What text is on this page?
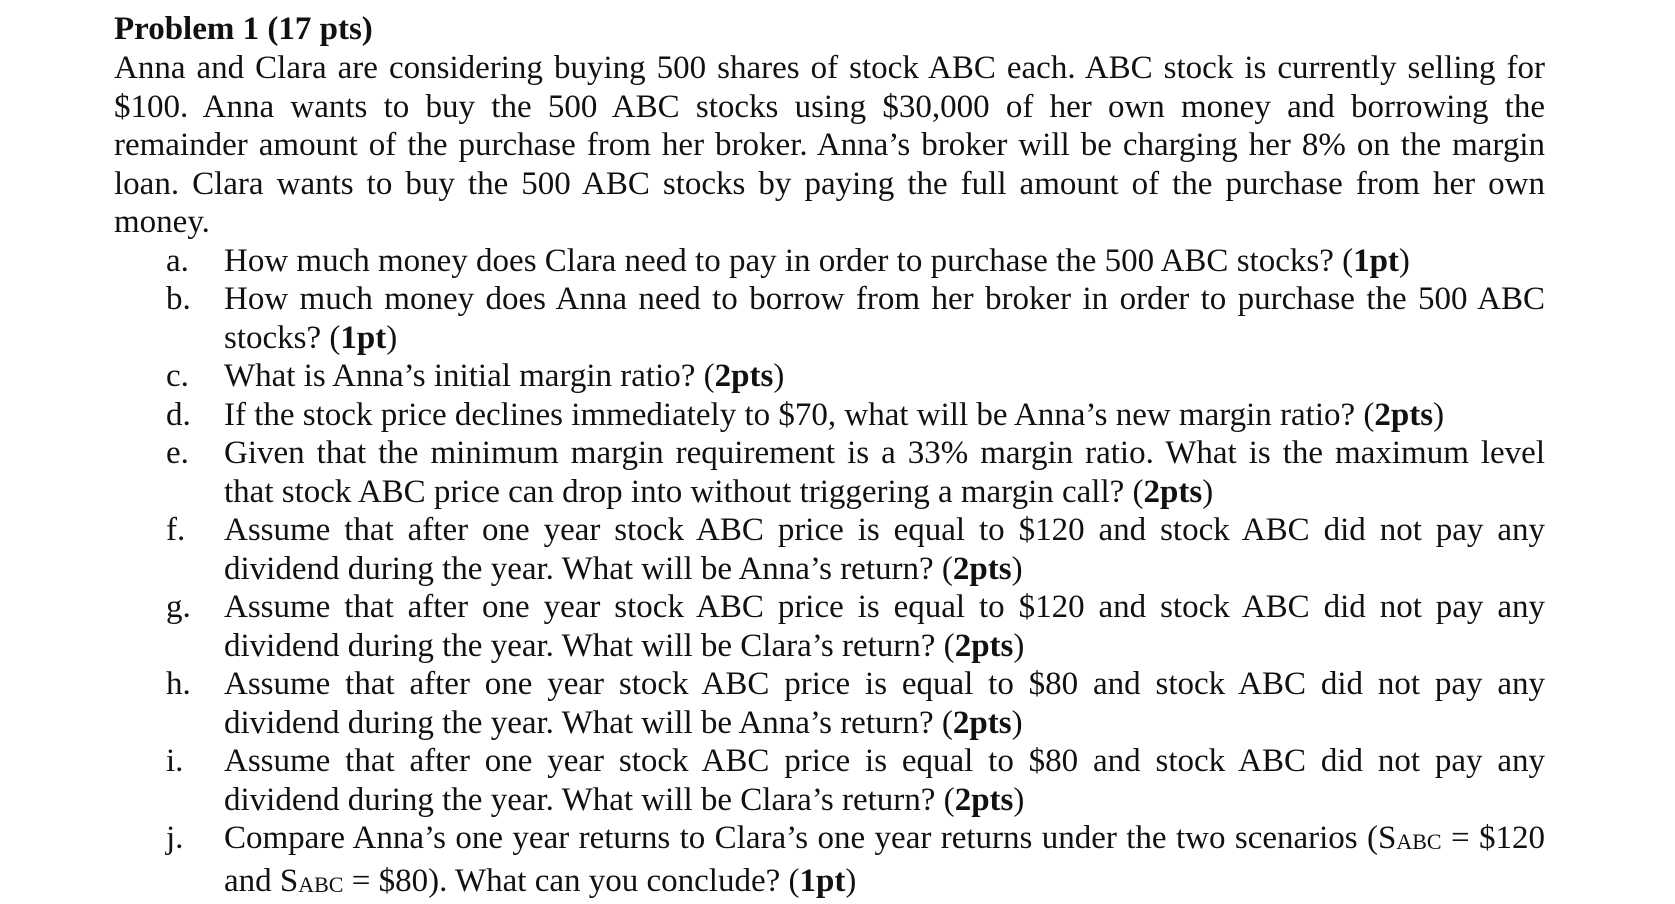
Problem 1 (17 pts)

Anna and Clara are considering buying 500 shares of stock ABC each. ABC stock is currently selling for $100. Anna wants to buy the 500 ABC stocks using $30,000 of her own money and borrowing the remainder amount of the purchase from her broker. Anna’s broker will be charging her 8% on the margin loan. Clara wants to buy the 500 ABC stocks by paying the full amount of the purchase from her own money.

a.	How much money does Clara need to pay in order to purchase the 500 ABC stocks? (1pt)
b.	How much money does Anna need to borrow from her broker in order to purchase the 500 ABC stocks? (1pt)
c.	What is Anna’s initial margin ratio? (2pts)
d.	If the stock price declines immediately to $70, what will be Anna’s new margin ratio? (2pts)
e.	Given that the minimum margin requirement is a 33% margin ratio. What is the maximum level that stock ABC price can drop into without triggering a margin call? (2pts)
f.	Assume that after one year stock ABC price is equal to $120 and stock ABC did not pay any dividend during the year. What will be Anna’s return? (2pts)
g.	Assume that after one year stock ABC price is equal to $120 and stock ABC did not pay any dividend during the year. What will be Clara’s return? (2pts)
h.	Assume that after one year stock ABC price is equal to $80 and stock ABC did not pay any dividend during the year. What will be Anna’s return? (2pts)
i.	Assume that after one year stock ABC price is equal to $80 and stock ABC did not pay any dividend during the year. What will be Clara’s return? (2pts)
j.	Compare Anna’s one year returns to Clara’s one year returns under the two scenarios ($S_{ABC}$ = $120 and $S_{ABC}$ = $80). What can you conclude? (1pt)
